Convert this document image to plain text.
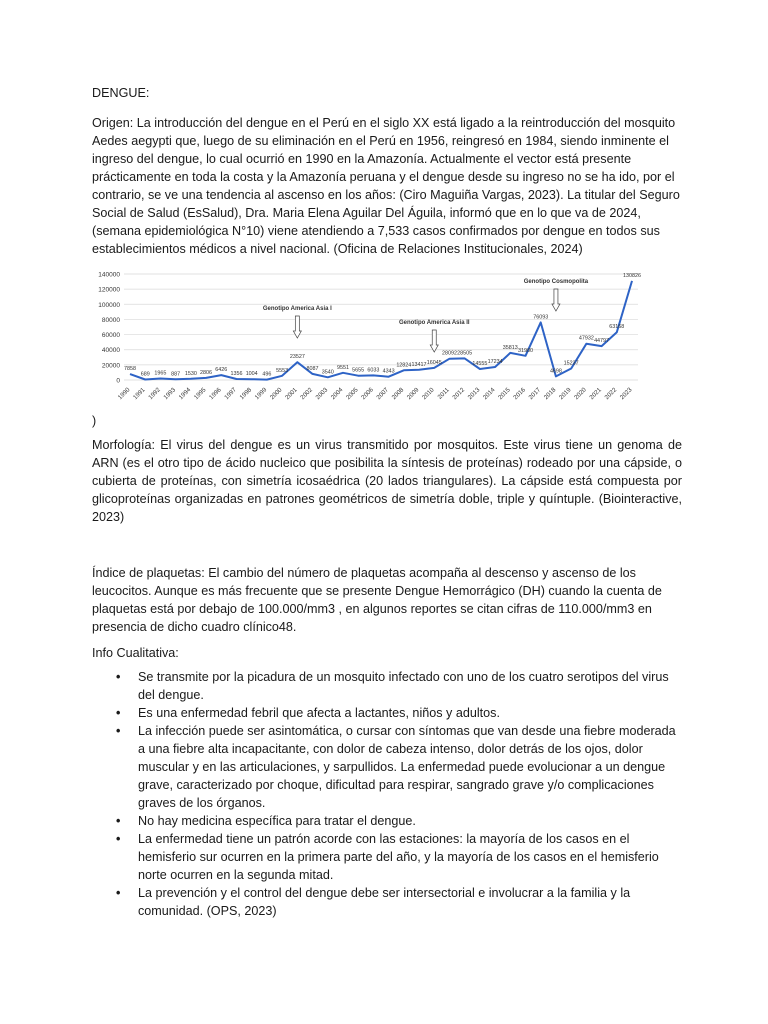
DENGUE:

Origen: La introducción del dengue en el Perú en el siglo XX está ligado a la reintroducción del mosquito Aedes aegypti que, luego de su eliminación en el Perú en 1956, reingresó en 1984, siendo inminente el ingreso del dengue, lo cual ocurrió en 1990 en la Amazonía. Actualmente el vector está presente prácticamente en toda la costa y la Amazonía peruana y el dengue desde su ingreso no se ha ido, por el contrario, se ve una tendencia al ascenso en los años: (Ciro Maguiña Vargas, 2023). La titular del Seguro Social de Salud (EsSalud), Dra. Maria Elena Aguilar Del Águila, informó que en lo que va de 2024, (semana epidemiológica N°10) viene atendiendo a 7,533 casos confirmados por dengue en todos sus establecimientos médicos a nivel nacional. (Oficina de Relaciones Institucionales, 2024)

0
20000
40000
60000
80000
100000
120000
140000
1990 1991 1992 1993 1994 1995 1996 1997 1998 1999 2000 2001 2002 2003 2004 2005 2006 2007 2008 2009 2010 2011 2012 2013 2014 2015 2016 2017 2018 2019 2020 2021 2022 2023
Genotipo America Asia I
Genotipo America Asia II
Genotipo Cosmopolita
7858
689 1965 887 1530 2806 6426
1356 1004 496
5553
23527
8087
3540
9551 5655 6033 4343
12824 13417 16045
28092 28505
14555 17234
35813 31980
76093
4698
15237
47932 44797
63168
130826

)

Morfología: El virus del dengue es un virus transmitido por mosquitos. Este virus tiene un genoma de ARN (es el otro tipo de ácido nucleico que posibilita la síntesis de proteínas) rodeado por una cápside, o cubierta de proteínas, con simetría icosaédrica (20 lados triangulares). La cápside está compuesta por glicoproteínas organizadas en patrones geométricos de simetría doble, triple y quíntuple. (Biointeractive, 2023)

Índice de plaquetas: El cambio del número de plaquetas acompaña al descenso y ascenso de los leucocitos. Aunque es más frecuente que se presente Dengue Hemorrágico (DH) cuando la cuenta de plaquetas está por debajo de 100.000/mm3 , en algunos reportes se citan cifras de 110.000/mm3 en presencia de dicho cuadro clínico48.

Info Cualitativa:

• Se transmite por la picadura de un mosquito infectado con uno de los cuatro serotipos del virus del dengue.
• Es una enfermedad febril que afecta a lactantes, niños y adultos.
• La infección puede ser asintomática, o cursar con síntomas que van desde una fiebre moderada a una fiebre alta incapacitante, con dolor de cabeza intenso, dolor detrás de los ojos, dolor muscular y en las articulaciones, y sarpullidos. La enfermedad puede evolucionar a un dengue grave, caracterizado por choque, dificultad para respirar, sangrado grave y/o complicaciones graves de los órganos.
• No hay medicina específica para tratar el dengue.
• La enfermedad tiene un patrón acorde con las estaciones: la mayoría de los casos en el hemisferio sur ocurren en la primera parte del año, y la mayoría de los casos en el hemisferio norte ocurren en la segunda mitad.
• La prevención y el control del dengue debe ser intersectorial e involucrar a la familia y la comunidad. (OPS, 2023)
